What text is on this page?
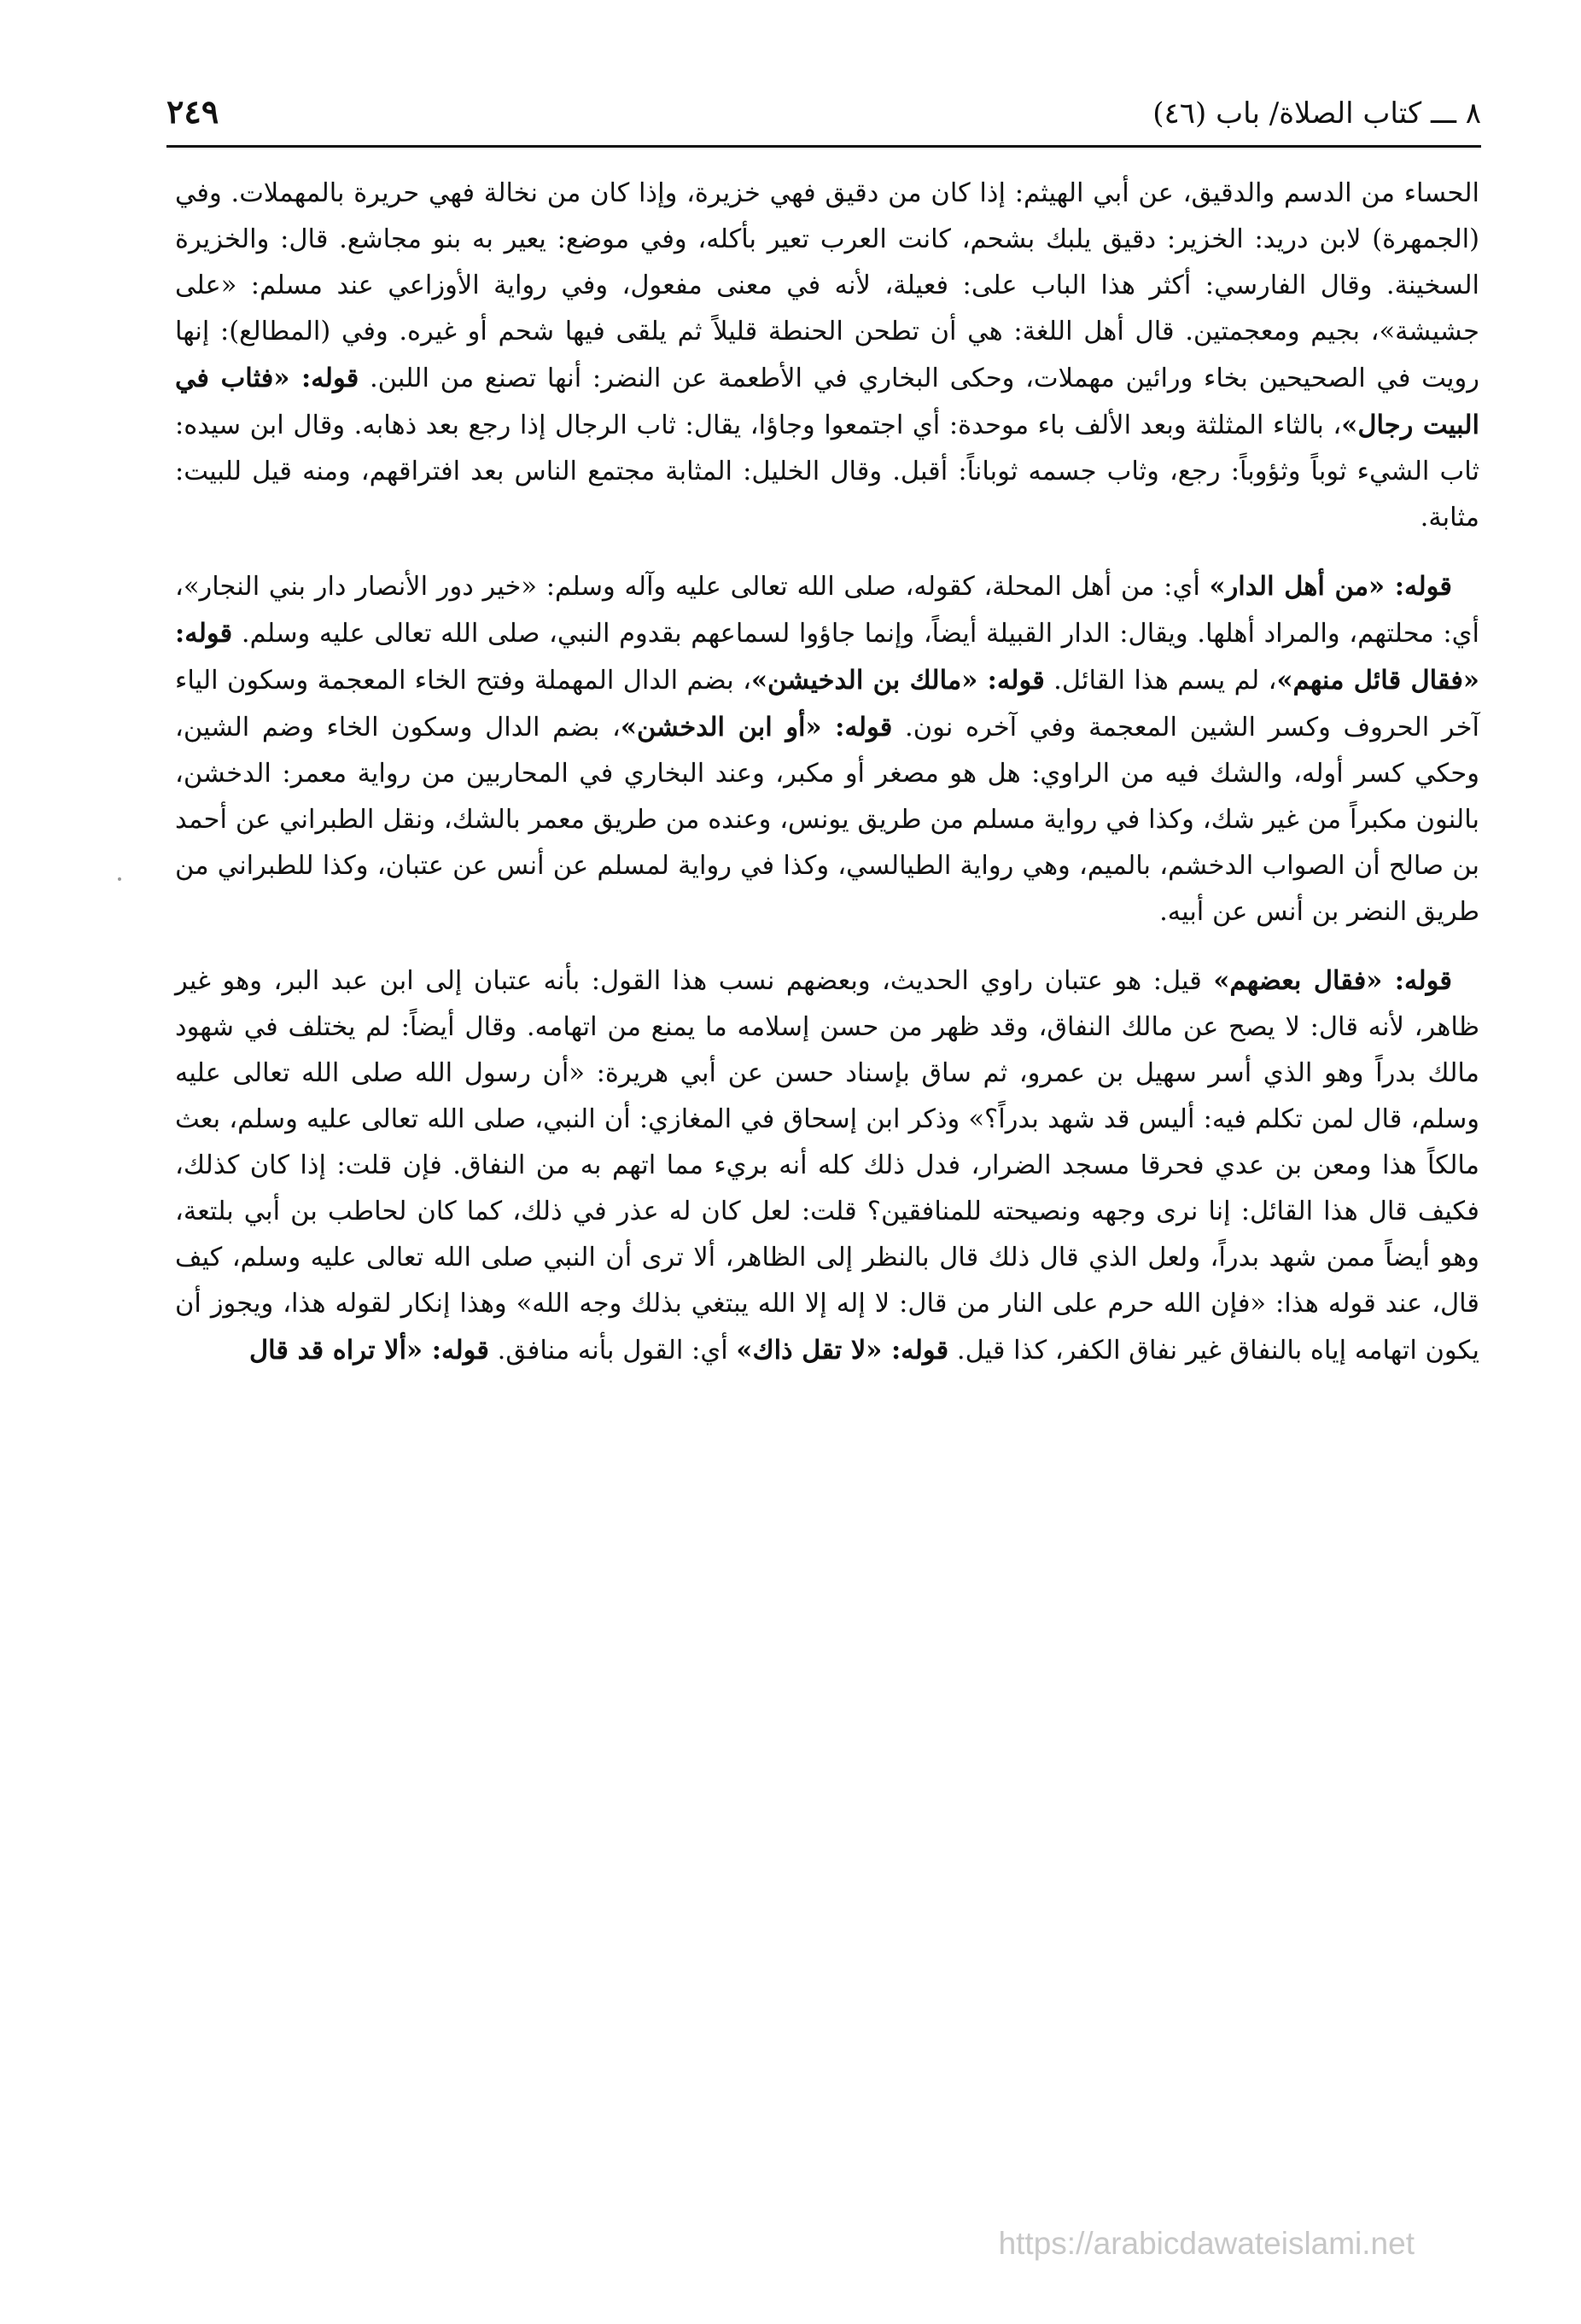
٨ ـــ كتاب الصلاة/ باب (٤٦)
٢٤٩

الحساء من الدسم والدقيق، عن أبي الهيثم: إذا كان من دقيق فهي خزيرة، وإذا كان من نخالة فهي حريرة بالمهملات. وفي (الجمهرة) لابن دريد: الخزير: دقيق يلبك بشحم، كانت العرب تعير بأكله، وفي موضع: يعير به بنو مجاشع. قال: والخزيرة السخينة. وقال الفارسي: أكثر هذا الباب على: فعيلة، لأنه في معنى مفعول، وفي رواية الأوزاعي عند مسلم: «على جشيشة»، بجيم ومعجمتين. قال أهل اللغة: هي أن تطحن الحنطة قليلاً ثم يلقى فيها شحم أو غيره. وفي (المطالع): إنها رويت في الصحيحين بخاء ورائين مهملات، وحكى البخاري في الأطعمة عن النضر: أنها تصنع من اللبن. قوله: «فثاب في البيت رجال»، بالثاء المثلثة وبعد الألف باء موحدة: أي اجتمعوا وجاؤا، يقال: ثاب الرجال إذا رجع بعد ذهابه. وقال ابن سيده: ثاب الشيء ثوباً وثؤوباً: رجع، وثاب جسمه ثوباناً: أقبل. وقال الخليل: المثابة مجتمع الناس بعد افتراقهم، ومنه قيل للبيت: مثابة.

قوله: «من أهل الدار» أي: من أهل المحلة، كقوله، صلى الله تعالى عليه وآله وسلم: «خير دور الأنصار دار بني النجار»، أي: محلتهم، والمراد أهلها. ويقال: الدار القبيلة أيضاً، وإنما جاؤوا لسماعهم بقدوم النبي، صلى الله تعالى عليه وسلم. قوله: «فقال قائل منهم»، لم يسم هذا القائل. قوله: «مالك بن الدخيشن»، بضم الدال المهملة وفتح الخاء المعجمة وسكون الياء آخر الحروف وكسر الشين المعجمة وفي آخره نون. قوله: «أو ابن الدخشن»، بضم الدال وسكون الخاء وضم الشين، وحكي كسر أوله، والشك فيه من الراوي: هل هو مصغر أو مكبر، وعند البخاري في المحاربين من رواية معمر: الدخشن، بالنون مكبراً من غير شك، وكذا في رواية مسلم من طريق يونس، وعنده من طريق معمر بالشك، ونقل الطبراني عن أحمد بن صالح أن الصواب الدخشم، بالميم، وهي رواية الطيالسي، وكذا في رواية لمسلم عن أنس عن عتبان، وكذا للطبراني من طريق النضر بن أنس عن أبيه.

قوله: «فقال بعضهم» قيل: هو عتبان راوي الحديث، وبعضهم نسب هذا القول: بأنه عتبان إلى ابن عبد البر، وهو غير ظاهر، لأنه قال: لا يصح عن مالك النفاق، وقد ظهر من حسن إسلامه ما يمنع من اتهامه. وقال أيضاً: لم يختلف في شهود مالك بدراً وهو الذي أسر سهيل بن عمرو، ثم ساق بإسناد حسن عن أبي هريرة: «أن رسول الله صلى الله تعالى عليه وسلم، قال لمن تكلم فيه: أليس قد شهد بدراً؟» وذكر ابن إسحاق في المغازي: أن النبي، صلى الله تعالى عليه وسلم، بعث مالكاً هذا ومعن بن عدي فحرقا مسجد الضرار، فدل ذلك كله أنه بريء مما اتهم به من النفاق. فإن قلت: إذا كان كذلك، فكيف قال هذا القائل: إنا نرى وجهه ونصيحته للمنافقين؟ قلت: لعل كان له عذر في ذلك، كما كان لحاطب بن أبي بلتعة، وهو أيضاً ممن شهد بدراً، ولعل الذي قال ذلك قال بالنظر إلى الظاهر، ألا ترى أن النبي صلى الله تعالى عليه وسلم، كيف قال، عند قوله هذا: «فإن الله حرم على النار من قال: لا إله إلا الله يبتغي بذلك وجه الله» وهذا إنكار لقوله هذا، ويجوز أن يكون اتهامه إياه بالنفاق غير نفاق الكفر، كذا قيل. قوله: «لا تقل ذاك» أي: القول بأنه منافق. قوله: «ألا تراه قد قال

https://arabicdawateislami.net
